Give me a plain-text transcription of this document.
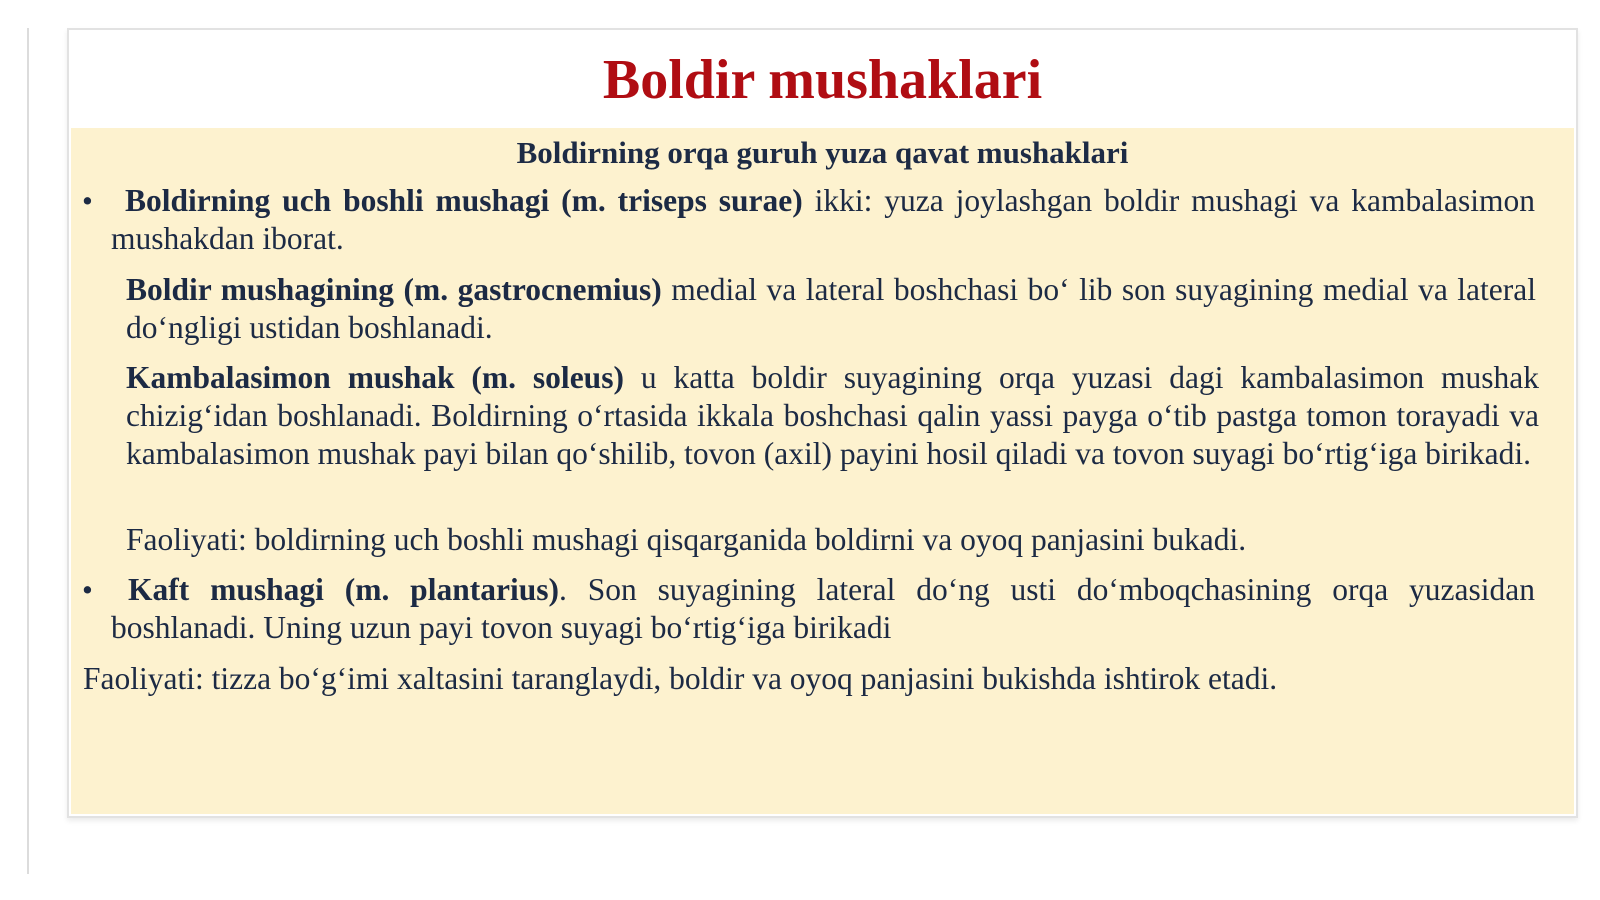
Boldir mushaklari
Boldirning orqa guruh yuza qavat mushaklari
•	Boldirning uch boshli mushagi (m. triseps surae) ikki: yuza joylashgan boldir mushagi va kambalasimon mushakdan iborat.

Boldir mushagining (m. gastrocnemius) medial va lateral boshchasi bo‘ lib son suyagining medial va lateral do‘ngligi ustidan boshlanadi.

Kambalasimon mushak (m. soleus) u katta boldir suyagining orqa yuzasi dagi kambalasimon mushak chizig‘idan boshlanadi. Boldirning o‘rtasida ikkala boshchasi qalin yassi payga o‘tib pastga tomon torayadi va kambalasimon mushak payi bilan qo‘shilib, tovon (axil) payini hosil qiladi va tovon suyagi bo‘rtig‘iga birikadi.

Faoliyati: boldirning uch boshli mushagi qisqarganida boldirni va oyoq panjasini bukadi.

•	Kaft mushagi (m. plantarius). Son suyagining lateral do‘ng usti do‘mboqchasining orqa yuzasidan boshlanadi. Uning uzun payi tovon suyagi bo‘rtig‘iga birikadi

Faoliyati: tizza bo‘g‘imi xaltasini taranglaydi, boldir va oyoq panjasini bukishda ishtirok etadi.
